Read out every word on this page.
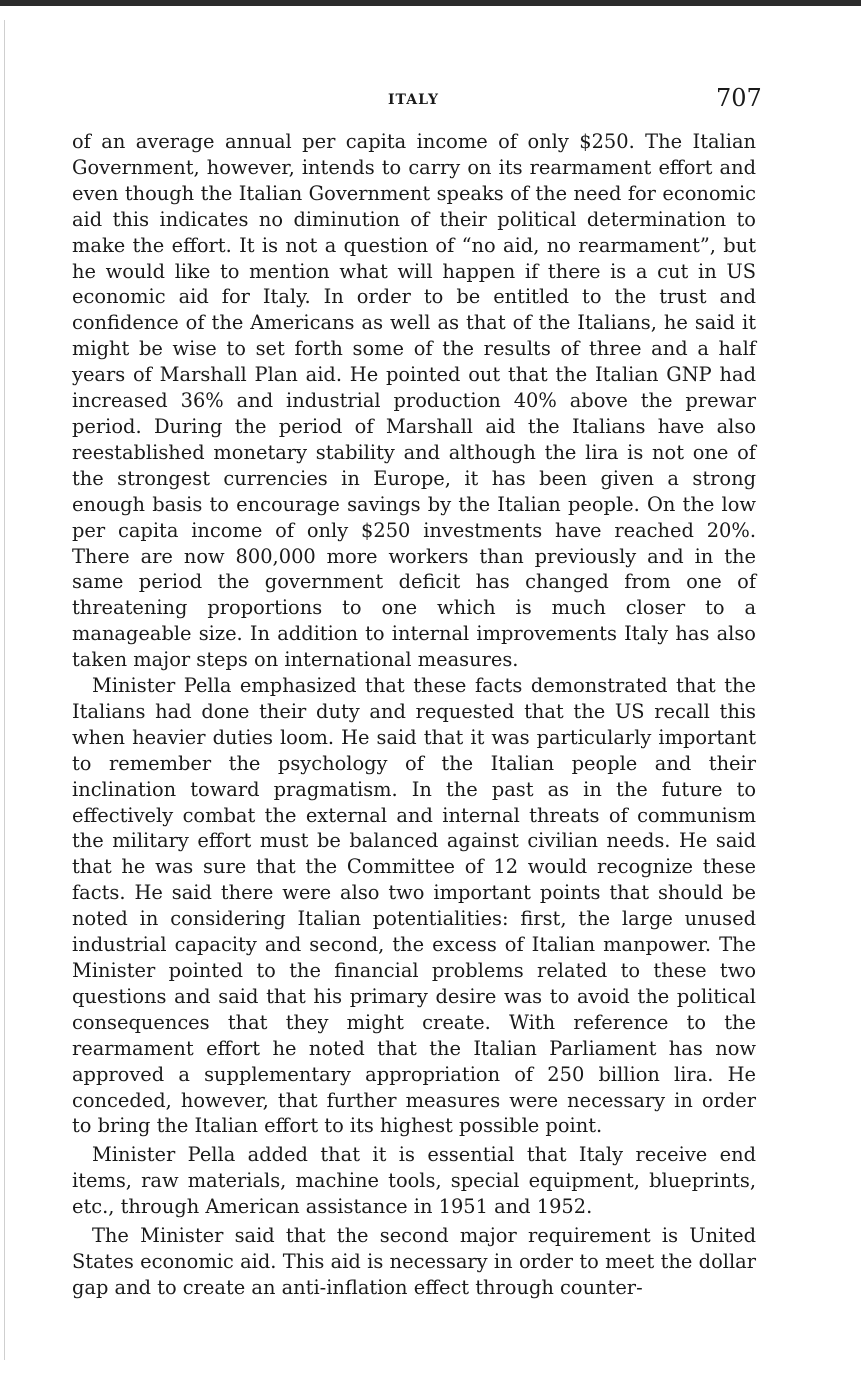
ITALY	707

of an average annual per capita income of only $250. The Italian Government, however, intends to carry on its rearmament effort and even though the Italian Government speaks of the need for economic aid this indicates no diminution of their political determination to make the effort. It is not a question of “no aid, no rearmament”, but he would like to mention what will happen if there is a cut in US economic aid for Italy. In order to be entitled to the trust and confidence of the Americans as well as that of the Italians, he said it might be wise to set forth some of the results of three and a half years of Marshall Plan aid. He pointed out that the Italian GNP had increased 36% and industrial production 40% above the prewar period. During the period of Marshall aid the Italians have also reestablished monetary stability and although the lira is not one of the strongest currencies in Europe, it has been given a strong enough basis to encourage savings by the Italian people. On the low per capita income of only $250 investments have reached 20%. There are now 800,000 more workers than previously and in the same period the government deficit has changed from one of threatening proportions to one which is much closer to a manageable size. In addition to internal improvements Italy has also taken major steps on international measures.

Minister Pella emphasized that these facts demonstrated that the Italians had done their duty and requested that the US recall this when heavier duties loom. He said that it was particularly important to remember the psychology of the Italian people and their inclination toward pragmatism. In the past as in the future to effectively combat the external and internal threats of communism the military effort must be balanced against civilian needs. He said that he was sure that the Committee of 12 would recognize these facts. He said there were also two important points that should be noted in considering Italian potentialities: first, the large unused industrial capacity and second, the excess of Italian manpower. The Minister pointed to the financial problems related to these two questions and said that his primary desire was to avoid the political consequences that they might create. With reference to the rearmament effort he noted that the Italian Parliament has now approved a supplementary appropriation of 250 billion lira. He conceded, however, that further measures were necessary in order to bring the Italian effort to its highest possible point.

Minister Pella added that it is essential that Italy receive end items, raw materials, machine tools, special equipment, blueprints, etc., through American assistance in 1951 and 1952.

The Minister said that the second major requirement is United States economic aid. This aid is necessary in order to meet the dollar gap and to create an anti-inflation effect through counter-
